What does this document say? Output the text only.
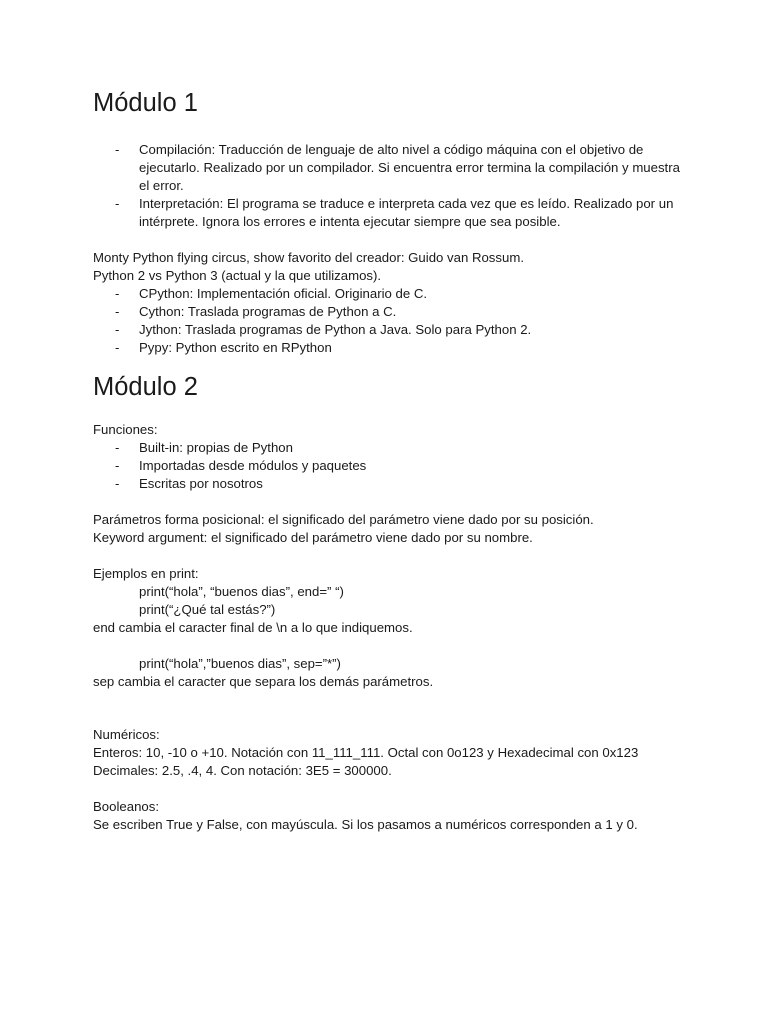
Módulo 1
- Compilación: Traducción de lenguaje de alto nivel a código máquina con el objetivo de ejecutarlo. Realizado por un compilador. Si encuentra error termina la compilación y muestra el error.
- Interpretación: El programa se traduce e interpreta cada vez que es leído. Realizado por un intérprete. Ignora los errores e intenta ejecutar siempre que sea posible.

Monty Python flying circus, show favorito del creador: Guido van Rossum.

Python 2 vs Python 3 (actual y la que utilizamos).

- CPython: Implementación oficial. Originario de C.
- Cython: Traslada programas de Python a C.
- Jython: Traslada programas de Python a Java. Solo para Python 2.
- Pypy: Python escrito en RPython
Módulo 2

Funciones:

- Built-in: propias de Python
- Importadas desde módulos y paquetes
- Escritas por nosotros

Parámetros forma posicional: el significado del parámetro viene dado por su posición.

Keyword argument: el significado del parámetro viene dado por su nombre.

Ejemplos en print:

print(“hola”, “buenos dias”, end=” “)

print(“¿Qué tal estás?”)

end cambia el caracter final de \n a lo que indiquemos.

print(“hola”,”buenos dias”, sep=”*”)

sep cambia el caracter que separa los demás parámetros.

Numéricos:

Enteros: 10, -10 o +10. Notación con 11_111_111. Octal con 0o123 y Hexadecimal con 0x123

Decimales: 2.5, .4, 4. Con notación: 3E5 = 300000.

Booleanos:

Se escriben True y False, con mayúscula. Si los pasamos a numéricos corresponden a 1 y 0.
